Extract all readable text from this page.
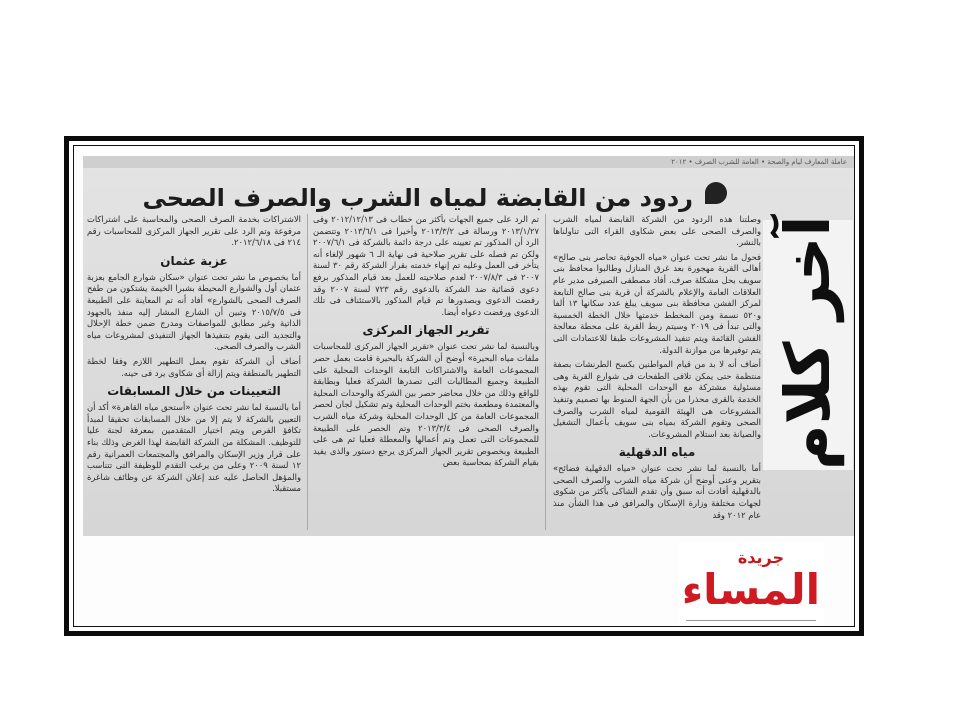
عاملة المعارف ليام والصحة • العامة للشرب الصرف • ٢٠١٢
ردود من القابضة لمياه الشرب والصرف الصحى

وصلتنا هذه الردود من الشركة القابضة لمياه الشرب والصرف الصحى على بعض شكاوى القراء التى تناولناها بالنشر.

فحول ما نشر تحت عنوان «مياه الجوفية تحاصر بنى صالح» أهالى القرية مهجورة بعد غرق المنازل وطالبوا محافظ بنى سويف بحل مشكلة صرف، أفاد مصطفى الصيرفى مدير عام العلاقات العامة والإعلام بالشركة أن قرية بنى صالح التابعة لمركز الفشن محافظة بنى سويف يبلغ عدد سكانها ١٣ ألفا و٥٢٠ نسمة ومن المخطط خدمتها خلال الخطة الخمسية والتى تبدأ فى ٢٠١٩ وسيتم ربط القرية على محطة معالجة الفشن القائمة ويتم تنفيذ المشروعات طبقا للاعتمادات التى يتم توفيرها من موازنة الدولة.

أضاف أنه لا بد من قيام المواطنين بكسح الطرنشات بصفة منتظمة حتى يمكن تلافى الطفحات فى شوارع القرية وهى مسئولية مشتركة مع الوحدات المحلية التى تقوم بهذه الخدمة بالقرى محذرا من بأن الجهة المنوط بها تصميم وتنفيذ المشروعات هى الهيئة القومية لمياه الشرب والصرف الصحى وتقوم الشركة بمياه بنى سويف بأعمال التشغيل والصيانة بعد استلام المشروعات.

مياه الدقهلية

أما بالنسبة لما نشر تحت عنوان «مياه الدقهلية فضائح» بتقرير وعنى أوضح أن شركة مياه الشرب والصرف الصحى بالدقهلية أفادت أنه سبق وأن تقدم الشاكى بأكثر من شكوى لجهات مختلفة وزارة الإسكان والمرافق فى هذا الشأن منذ عام ٢٠١٢ وقد

تم الرد على جميع الجهات بأكثر من خطاب فى ٢٠١٢/١٢/١٣ وفى ٢٠١٣/١/٢٧ ورسالة فى ٢٠١٣/٣/٢ وأخيرا فى ٢٠١٣/٦/١ وتتضمن الرد أن المذكور تم تعيينه على درجة دائمة بالشركة فى ٢٠٠٧/٦/١ ولكن تم فصله على تقرير صلاحية فى نهاية الـ ٦ شهور لإلغاء أنه يتأخر فى العمل وعليه تم إنهاء خدمته بقرار الشركة رقم ٣٠ لسنة ٢٠٠٧ فى ٢٠٠٧/٨/٣ لعدم صلاحيته للعمل بعد قيام المذكور برفع دعوى قضائية ضد الشركة بالدعوى رقم ٧٢٣ لسنة ٢٠٠٧ وقد رفضت الدعوى وبصدورها تم قيام المذكور بالاستئناف فى تلك الدعوى ورفضت دعواه أيضا.

تقرير الجهاز المركزى

وبالنسبة لما نشر تحت عنوان «تقرير الجهاز المركزى للمحاسبات ملفات مياه البحيرة» أوضح أن الشركة بالبحيرة قامت بعمل حصر المجموعات العامة والاشتراكات التابعة الوحدات المحلية على الطبيعة وجميع المطالبات التى تصدرها الشركة فعليا وبطابقة للواقع وذلك من خلال محاضر حصر بين الشركة والوحدات المحلية والمعتمدة ومطعمة بختم الوحدات المحلية وتم تشكيل لجان لحصر المجموعات العامة من كل الوحدات المحلية وشركة مياه الشرب والصرف الصحى فى ٢٠١٣/٣/٤ وتم الحصر على الطبيعة للمجموعات التى تعمل وتم أعمالها والمعطلة فعليا ثم هى على الطبيعة وبخصوص تقرير الجهاز المركزى يرجع دستور والذى يفيد بقيام الشركة بمحاسبة بعض

الاشتراكات بخدمة الصرف الصحى والمحاسبة على اشتراكات مرفوعة وتم الرد على تقرير الجهاز المركزى للمحاسبات رقم ٢١٤ فى ٢٠١٢/٦/١٨.

عزبة عثمان

أما بخصوص ما نشر تحت عنوان «سكان شوارع الجامع بعزبة عثمان أول والشوارع المحيطة بشبرا الخيمة يشتكون من طفح الصرف الصحى بالشوارع» أفاد أنه تم المعاينة على الطبيعة فى ٢٠١٥/٧/٥ وتبين أن الشارع المشار إليه منفذ بالجهود الذاتية وغير مطابق للمواصفات ومدرج ضمن خطة الإحلال والتجديد التى يقوم بتنفيذها الجهاز التنفيذى لمشروعات مياه الشرب والصرف الصحى.

أضاف أن الشركة تقوم بعمل التطهير اللازم وفقا لخطة التطهير بالمنطقة ويتم إزالة أى شكاوى يرد فى حينه.

التعيينات من خلال المسابقات

أما بالنسبة لما نشر تحت عنوان «أستحق مياه القاهرة» أكد أن التعيين بالشركة لا يتم إلا من خلال المسابقات تحقيقا لمبدأ تكافؤ الفرص ويتم اختيار المتقدمين بمعرفة لجنة عليا للتوظيف. المشكلة من الشركة القابضة لهذا الغرض وذلك بناء على قرار وزير الإسكان والمرافق والمجتمعات العمرانية رقم ١٢ لسنة ٢٠٠٩ وعلى من يرغب التقدم للوظيفة التى تتناسب والمؤهل الحاصل عليه عند إعلان الشركة عن وظائف شاغرة مستقبلا.

آخر كلام
جريدة
المساء
